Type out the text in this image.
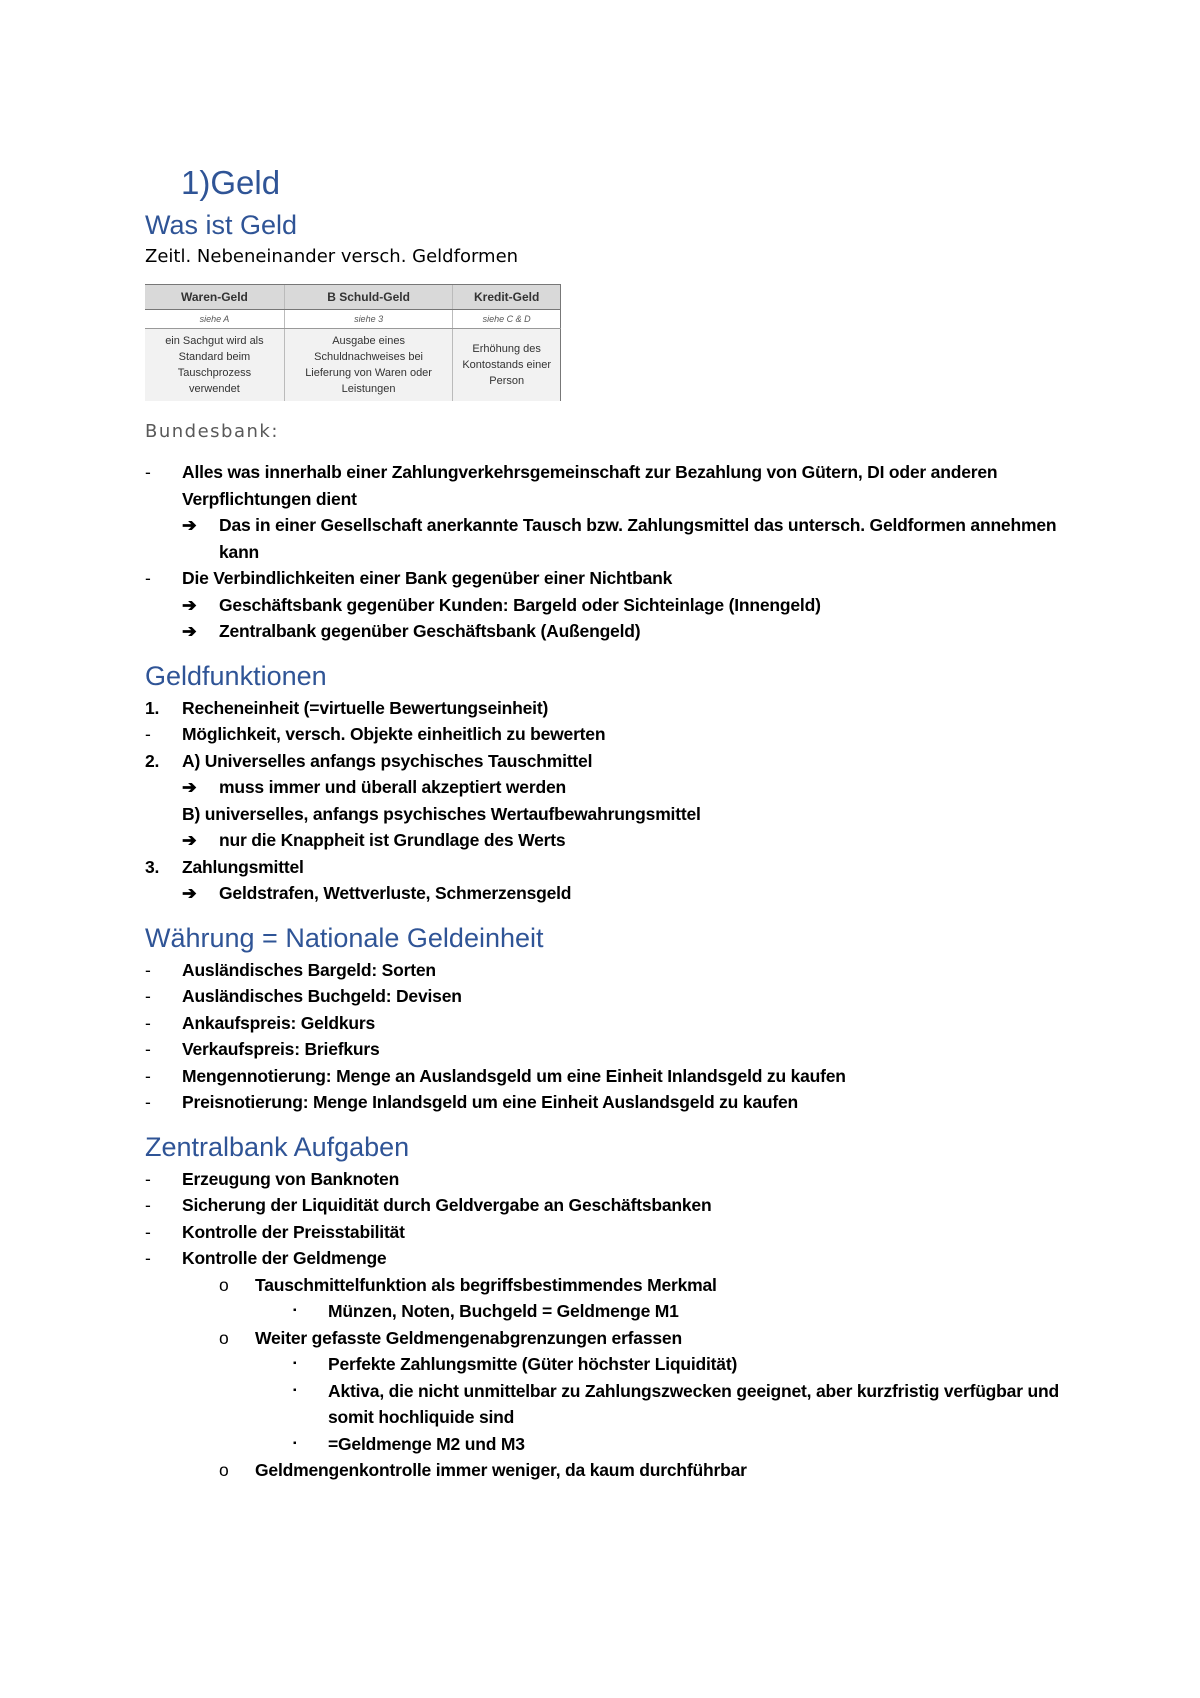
1)Geld
Was ist Geld

Zeitl. Nebeneinander versch. Geldformen

Waren-Geld	B Schuld-Geld	Kredit-Geld
siehe A	siehe 3	siehe C & D
ein Sachgut wird als Standard beim Tauschprozess verwendet	Ausgabe eines Schuldnachweises bei Lieferung von Waren oder Leistungen	Erhöhung des Kontostands einer Person

Bundesbank:

- Alles was innerhalb einer Zahlungverkehrsgemeinschaft zur Bezahlung von Gütern, DI oder anderen Verpflichtungen dient
➔ Das in einer Gesellschaft anerkannte Tausch bzw. Zahlungsmittel das untersch. Geldformen annehmen kann
- Die Verbindlichkeiten einer Bank gegenüber einer Nichtbank
➔ Geschäftsbank gegenüber Kunden: Bargeld oder Sichteinlage (Innengeld)
➔ Zentralbank gegenüber Geschäftsbank (Außengeld)
Geldfunktionen
1. Recheneinheit (=virtuelle Bewertungseinheit)
- Möglichkeit, versch. Objekte einheitlich zu bewerten
2. A) Universelles anfangs psychisches Tauschmittel
➔ muss immer und überall akzeptiert werden
B) universelles, anfangs psychisches Wertaufbewahrungsmittel
➔ nur die Knappheit ist Grundlage des Werts
3. Zahlungsmittel
➔ Geldstrafen, Wettverluste, Schmerzensgeld
Währung = Nationale Geldeinheit
- Ausländisches Bargeld: Sorten
- Ausländisches Buchgeld: Devisen
- Ankaufspreis: Geldkurs
- Verkaufspreis: Briefkurs
- Mengennotierung: Menge an Auslandsgeld um eine Einheit Inlandsgeld zu kaufen
- Preisnotierung: Menge Inlandsgeld um eine Einheit Auslandsgeld zu kaufen
Zentralbank Aufgaben
- Erzeugung von Banknoten
- Sicherung der Liquidität durch Geldvergabe an Geschäftsbanken
- Kontrolle der Preisstabilität
- Kontrolle der Geldmenge
o Tauschmittelfunktion als begriffsbestimmendes Merkmal
▪ Münzen, Noten, Buchgeld = Geldmenge M1
o Weiter gefasste Geldmengenabgrenzungen erfassen
▪ Perfekte Zahlungsmitte (Güter höchster Liquidität)
▪ Aktiva, die nicht unmittelbar zu Zahlungszwecken geeignet, aber kurzfristig verfügbar und somit hochliquide sind
▪ =Geldmenge M2 und M3
o Geldmengenkontrolle immer weniger, da kaum durchführbar
